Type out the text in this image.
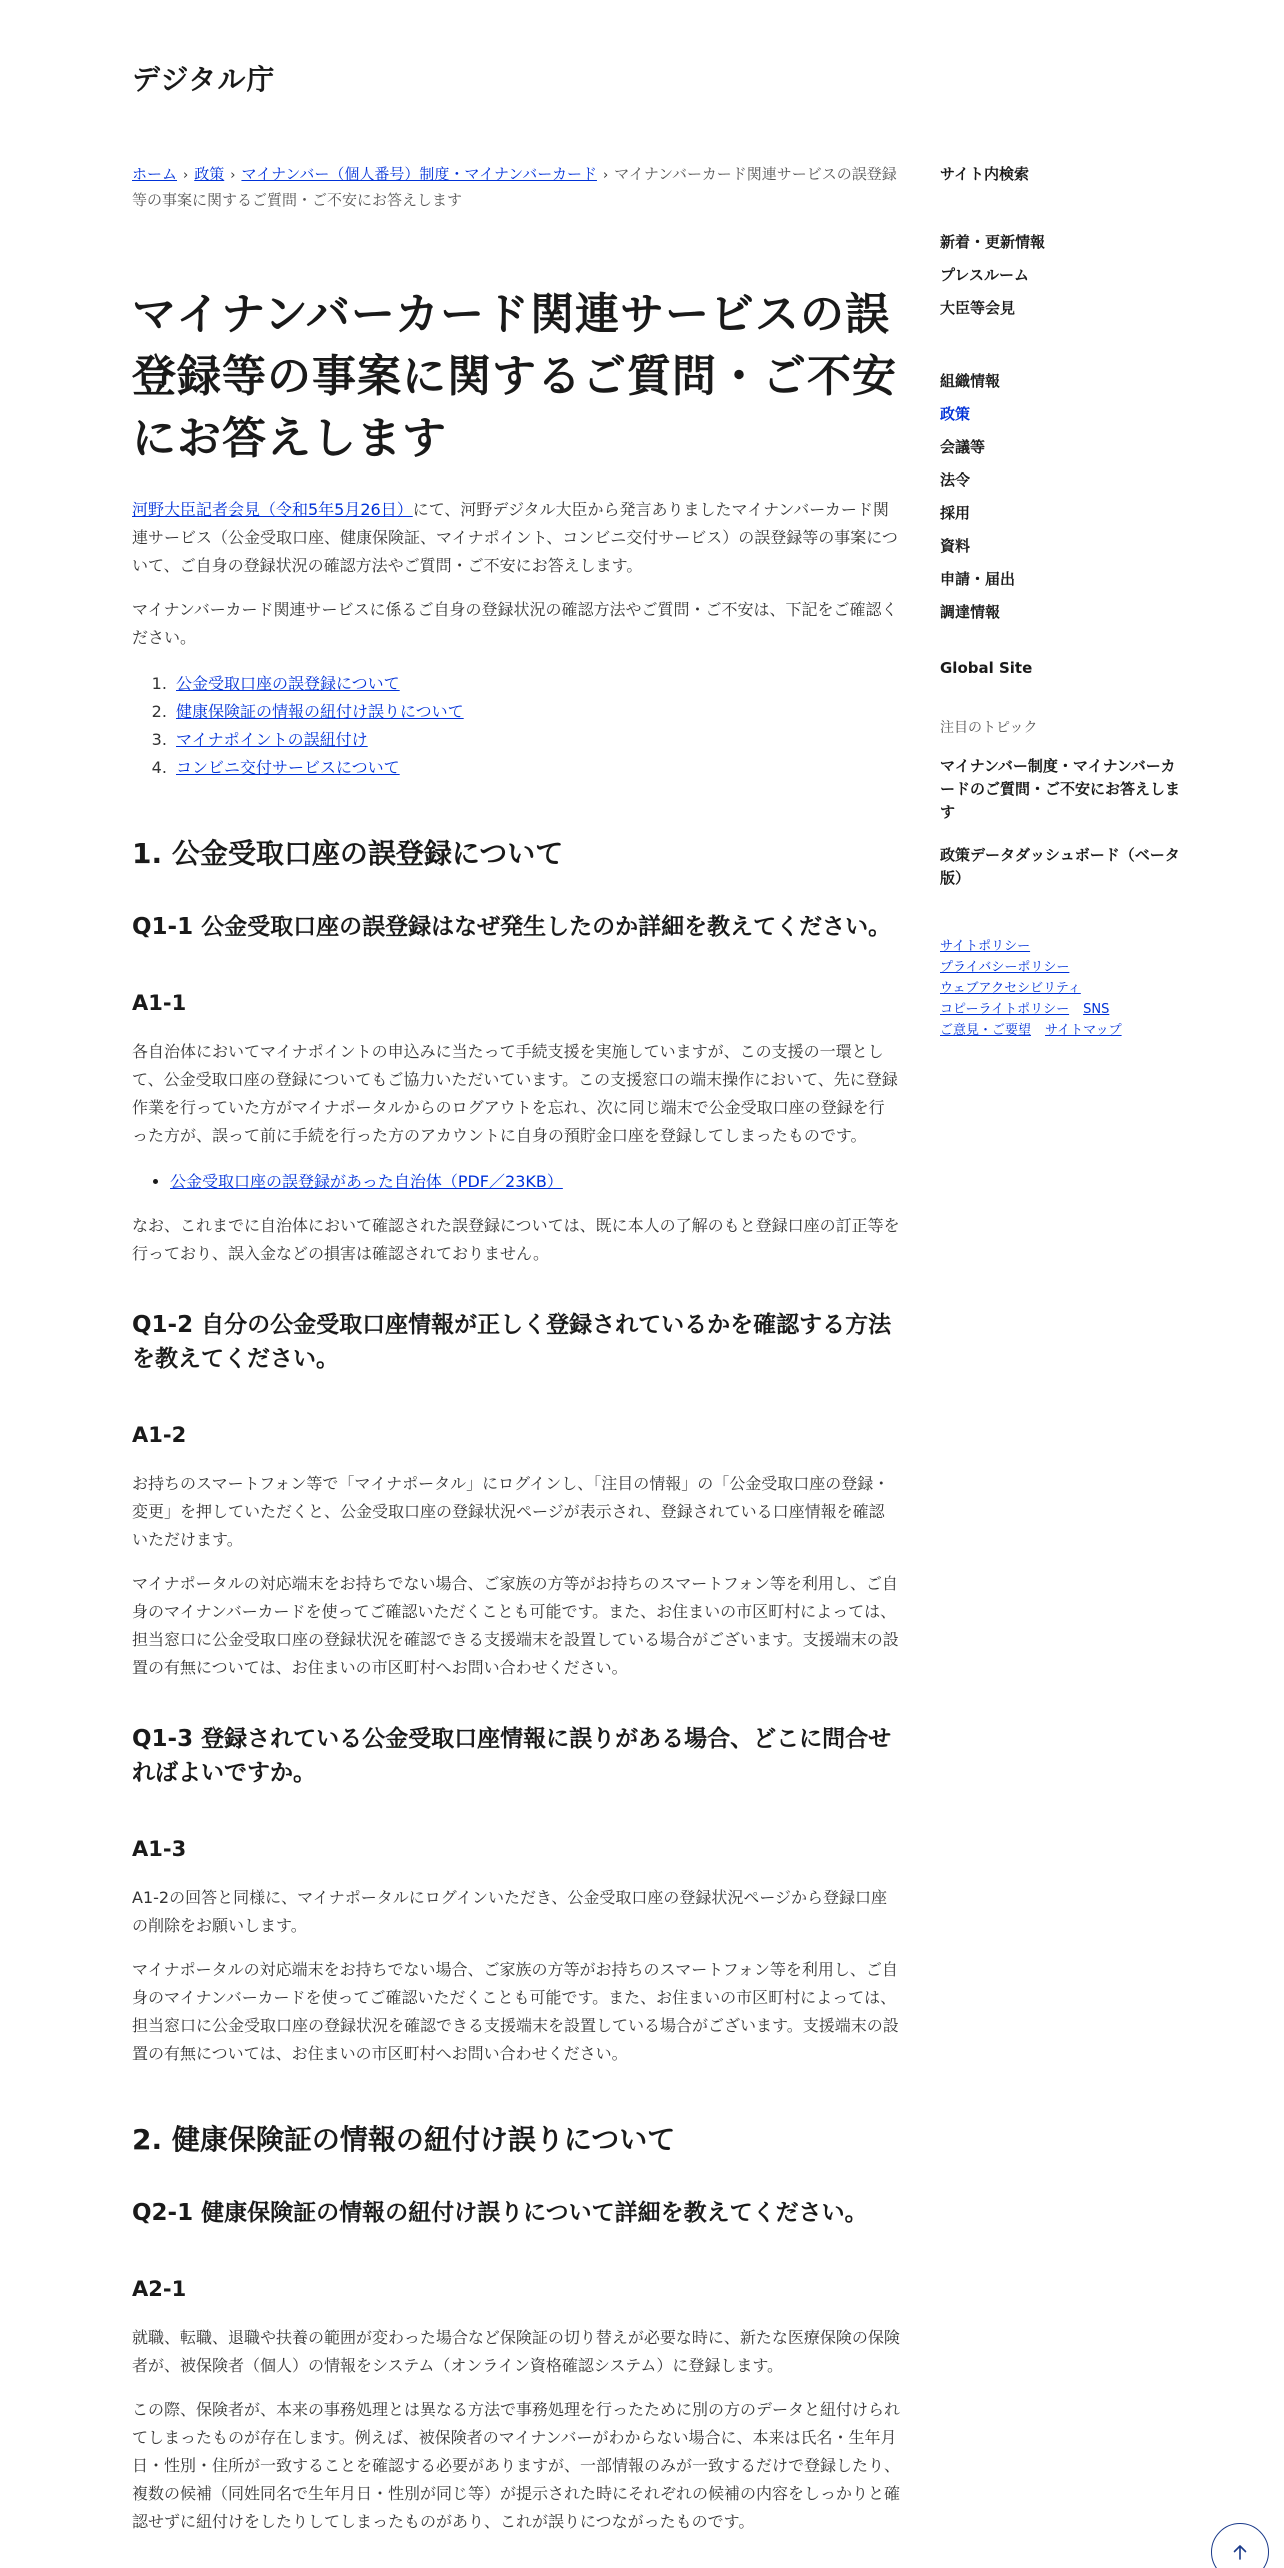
デジタル庁
ホーム › 政策 › マイナンバー（個人番号）制度・マイナンバーカード › マイナンバーカード関連サービスの誤登録等の事案に関するご質問・ご不安にお答えします
マイナンバーカード関連サービスの誤登録等の事案に関するご質問・ご不安にお答えします

河野大臣記者会見（令和5年5月26日）にて、河野デジタル大臣から発言ありましたマイナンバーカード関連サービス（公金受取口座、健康保険証、マイナポイント、コンビニ交付サービス）の誤登録等の事案について、ご自身の登録状況の確認方法やご質問・ご不安にお答えします。

マイナンバーカード関連サービスに係るご自身の登録状況の確認方法やご質問・ご不安は、下記をご確認ください。

1. 公金受取口座の誤登録について
2. 健康保険証の情報の紐付け誤りについて
3. マイナポイントの誤紐付け
4. コンビニ交付サービスについて
1. 公金受取口座の誤登録について
Q1-1 公金受取口座の誤登録はなぜ発生したのか詳細を教えてください。
A1-1

各自治体においてマイナポイントの申込みに当たって手続支援を実施していますが、この支援の一環として、公金受取口座の登録についてもご協力いただいています。この支援窓口の端末操作において、先に登録作業を行っていた方がマイナポータルからのログアウトを忘れ、次に同じ端末で公金受取口座の登録を行った方が、誤って前に手続を行った方のアカウントに自身の預貯金口座を登録してしまったものです。

• 公金受取口座の誤登録があった自治体（PDF／23KB）

なお、これまでに自治体において確認された誤登録については、既に本人の了解のもと登録口座の訂正等を行っており、誤入金などの損害は確認されておりません。

Q1-2 自分の公金受取口座情報が正しく登録されているかを確認する方法を教えてください。
A1-2

お持ちのスマートフォン等で「マイナポータル」にログインし、「注目の情報」の「公金受取口座の登録・変更」を押していただくと、公金受取口座の登録状況ページが表示され、登録されている口座情報を確認いただけます。

マイナポータルの対応端末をお持ちでない場合、ご家族の方等がお持ちのスマートフォン等を利用し、ご自身のマイナンバーカードを使ってご確認いただくことも可能です。また、お住まいの市区町村によっては、担当窓口に公金受取口座の登録状況を確認できる支援端末を設置している場合がございます。支援端末の設置の有無については、お住まいの市区町村へお問い合わせください。

Q1-3 登録されている公金受取口座情報に誤りがある場合、どこに問合せればよいですか。
A1-3

A1-2の回答と同様に、マイナポータルにログインいただき、公金受取口座の登録状況ページから登録口座の削除をお願いします。

マイナポータルの対応端末をお持ちでない場合、ご家族の方等がお持ちのスマートフォン等を利用し、ご自身のマイナンバーカードを使ってご確認いただくことも可能です。また、お住まいの市区町村によっては、担当窓口に公金受取口座の登録状況を確認できる支援端末を設置している場合がございます。支援端末の設置の有無については、お住まいの市区町村へお問い合わせください。

2. 健康保険証の情報の紐付け誤りについて
Q2-1 健康保険証の情報の紐付け誤りについて詳細を教えてください。
A2-1

就職、転職、退職や扶養の範囲が変わった場合など保険証の切り替えが必要な時に、新たな医療保険の保険者が、被保険者（個人）の情報をシステム（オンライン資格確認システム）に登録します。

この際、保険者が、本来の事務処理とは異なる方法で事務処理を行ったために別の方のデータと紐付けられてしまったものが存在します。例えば、被保険者のマイナンバーがわからない場合に、本来は氏名・生年月日・性別・住所が一致することを確認する必要がありますが、一部情報のみが一致するだけで登録したり、複数の候補（同姓同名で生年月日・性別が同じ等）が提示された時にそれぞれの候補の内容をしっかりと確認せずに紐付けをしたりしてしまったものがあり、これが誤りにつながったものです。

サイト内検索
新着・更新情報
プレスルーム
大臣等会見
組織情報
政策
会議等
法令
採用
資料
申請・届出
調達情報
Global Site
注目のトピック
マイナンバー制度・マイナンバーカードのご質問・ご不安にお答えします
政策データダッシュボード（ベータ版）
サイトポリシー
プライバシーポリシー
ウェブアクセシビリティ
コピーライトポリシー SNS
ご意見・ご要望 サイトマップ
